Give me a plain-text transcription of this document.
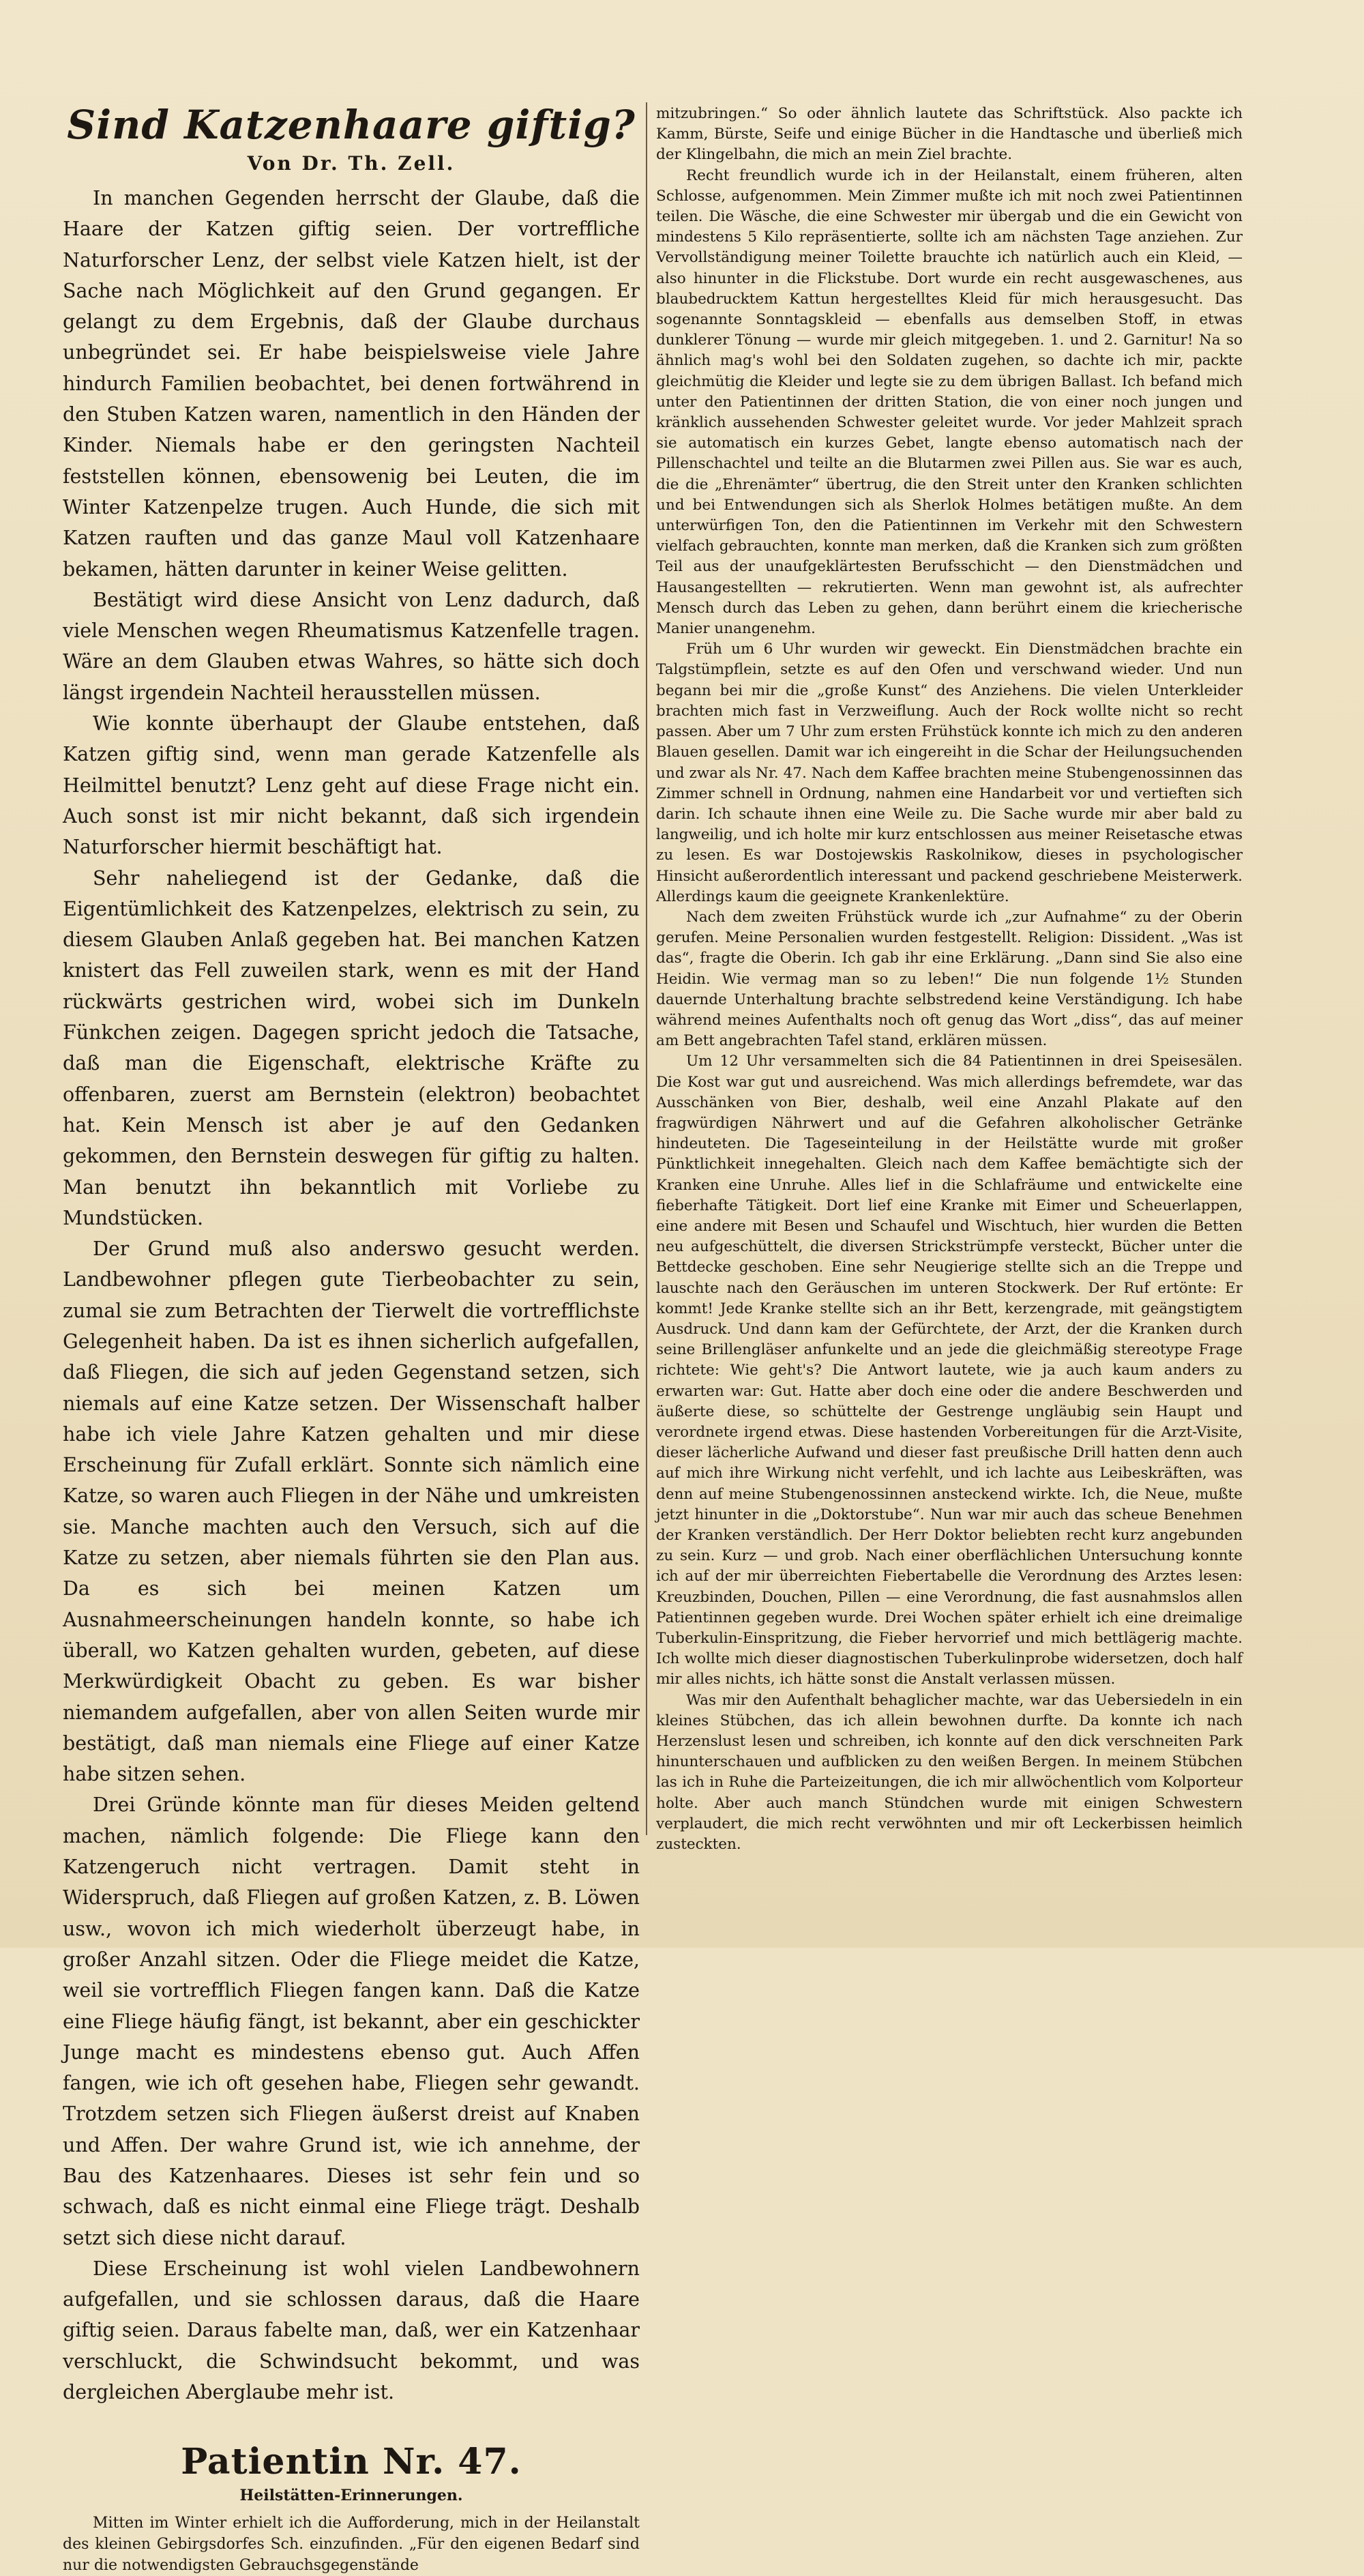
Sind Katzenhaare giftig?
Von Dr. Th. Zell.

In manchen Gegenden herrscht der Glaube, daß die Haare der Katzen giftig seien. Der vortreffliche Naturforscher Lenz, der selbst viele Katzen hielt, ist der Sache nach Möglichkeit auf den Grund gegangen. Er gelangt zu dem Ergebnis, daß der Glaube durchaus unbegründet sei. Er habe beispielsweise viele Jahre hindurch Familien beobachtet, bei denen fortwährend in den Stuben Katzen waren, namentlich in den Händen der Kinder. Niemals habe er den geringsten Nachteil feststellen können, ebensowenig bei Leuten, die im Winter Katzenpelze trugen. Auch Hunde, die sich mit Katzen rauften und das ganze Maul voll Katzenhaare bekamen, hätten darunter in keiner Weise gelitten.

Bestätigt wird diese Ansicht von Lenz dadurch, daß viele Menschen wegen Rheumatismus Katzenfelle tragen. Wäre an dem Glauben etwas Wahres, so hätte sich doch längst irgendein Nachteil herausstellen müssen.

Wie konnte überhaupt der Glaube entstehen, daß Katzen giftig sind, wenn man gerade Katzenfelle als Heilmittel benutzt? Lenz geht auf diese Frage nicht ein. Auch sonst ist mir nicht bekannt, daß sich irgendein Naturforscher hiermit beschäftigt hat.

Sehr naheliegend ist der Gedanke, daß die Eigentümlichkeit des Katzenpelzes, elektrisch zu sein, zu diesem Glauben Anlaß gegeben hat. Bei manchen Katzen knistert das Fell zuweilen stark, wenn es mit der Hand rückwärts gestrichen wird, wobei sich im Dunkeln Fünkchen zeigen. Dagegen spricht jedoch die Tatsache, daß man die Eigenschaft, elektrische Kräfte zu offenbaren, zuerst am Bernstein (elektron) beobachtet hat. Kein Mensch ist aber je auf den Gedanken gekommen, den Bernstein deswegen für giftig zu halten. Man benutzt ihn bekanntlich mit Vorliebe zu Mundstücken.

Der Grund muß also anderswo gesucht werden. Landbewohner pflegen gute Tierbeobachter zu sein, zumal sie zum Betrachten der Tierwelt die vortrefflichste Gelegenheit haben. Da ist es ihnen sicherlich aufgefallen, daß Fliegen, die sich auf jeden Gegenstand setzen, sich niemals auf eine Katze setzen. Der Wissenschaft halber habe ich viele Jahre Katzen gehalten und mir diese Erscheinung für Zufall erklärt. Sonnte sich nämlich eine Katze, so waren auch Fliegen in der Nähe und umkreisten sie. Manche machten auch den Versuch, sich auf die Katze zu setzen, aber niemals führten sie den Plan aus. Da es sich bei meinen Katzen um Ausnahmeerscheinungen handeln konnte, so habe ich überall, wo Katzen gehalten wurden, gebeten, auf diese Merkwürdigkeit Obacht zu geben. Es war bisher niemandem aufgefallen, aber von allen Seiten wurde mir bestätigt, daß man niemals eine Fliege auf einer Katze habe sitzen sehen.

Drei Gründe könnte man für dieses Meiden geltend machen, nämlich folgende: Die Fliege kann den Katzengeruch nicht vertragen. Damit steht in Widerspruch, daß Fliegen auf großen Katzen, z. B. Löwen usw., wovon ich mich wiederholt überzeugt habe, in großer Anzahl sitzen. Oder die Fliege meidet die Katze, weil sie vortrefflich Fliegen fangen kann. Daß die Katze eine Fliege häufig fängt, ist bekannt, aber ein geschickter Junge macht es mindestens ebenso gut. Auch Affen fangen, wie ich oft gesehen habe, Fliegen sehr gewandt. Trotzdem setzen sich Fliegen äußerst dreist auf Knaben und Affen. Der wahre Grund ist, wie ich annehme, der Bau des Katzenhaares. Dieses ist sehr fein und so schwach, daß es nicht einmal eine Fliege trägt. Deshalb setzt sich diese nicht darauf.

Diese Erscheinung ist wohl vielen Landbewohnern aufgefallen, und sie schlossen daraus, daß die Haare giftig seien. Daraus fabelte man, daß, wer ein Katzenhaar verschluckt, die Schwindsucht bekommt, und was dergleichen Aberglaube mehr ist.

Patientin Nr. 47.
Heilstätten-Erinnerungen.

Mitten im Winter erhielt ich die Aufforderung, mich in der Heilanstalt des kleinen Gebirgsdorfes Sch. einzufinden. „Für den eigenen Bedarf sind nur die notwendigsten Gebrauchsgegenstände

mitzubringen.“ So oder ähnlich lautete das Schriftstück. Also packte ich Kamm, Bürste, Seife und einige Bücher in die Handtasche und überließ mich der Klingelbahn, die mich an mein Ziel brachte.

Recht freundlich wurde ich in der Heilanstalt, einem früheren, alten Schlosse, aufgenommen. Mein Zimmer mußte ich mit noch zwei Patientinnen teilen. Die Wäsche, die eine Schwester mir übergab und die ein Gewicht von mindestens 5 Kilo repräsentierte, sollte ich am nächsten Tage anziehen. Zur Vervollständigung meiner Toilette brauchte ich natürlich auch ein Kleid, — also hinunter in die Flickstube. Dort wurde ein recht ausgewaschenes, aus blaubedrucktem Kattun hergestelltes Kleid für mich herausgesucht. Das sogenannte Sonntagskleid — ebenfalls aus demselben Stoff, in etwas dunklerer Tönung — wurde mir gleich mitgegeben. 1. und 2. Garnitur! Na so ähnlich mag's wohl bei den Soldaten zugehen, so dachte ich mir, packte gleichmütig die Kleider und legte sie zu dem übrigen Ballast. Ich befand mich unter den Patientinnen der dritten Station, die von einer noch jungen und kränklich aussehenden Schwester geleitet wurde. Vor jeder Mahlzeit sprach sie automatisch ein kurzes Gebet, langte ebenso automatisch nach der Pillenschachtel und teilte an die Blutarmen zwei Pillen aus. Sie war es auch, die die „Ehrenämter“ übertrug, die den Streit unter den Kranken schlichten und bei Entwendungen sich als Sherlok Holmes betätigen mußte. An dem unterwürfigen Ton, den die Patientinnen im Verkehr mit den Schwestern vielfach gebrauchten, konnte man merken, daß die Kranken sich zum größten Teil aus der unaufgeklärtesten Berufsschicht — den Dienstmädchen und Hausangestellten — rekrutierten. Wenn man gewohnt ist, als aufrechter Mensch durch das Leben zu gehen, dann berührt einem die kriecherische Manier unangenehm.

Früh um 6 Uhr wurden wir geweckt. Ein Dienstmädchen brachte ein Talgstümpflein, setzte es auf den Ofen und verschwand wieder. Und nun begann bei mir die „große Kunst“ des Anziehens. Die vielen Unterkleider brachten mich fast in Verzweiflung. Auch der Rock wollte nicht so recht passen. Aber um 7 Uhr zum ersten Frühstück konnte ich mich zu den anderen Blauen gesellen. Damit war ich eingereiht in die Schar der Heilungsuchenden und zwar als Nr. 47. Nach dem Kaffee brachten meine Stubengenossinnen das Zimmer schnell in Ordnung, nahmen eine Handarbeit vor und vertieften sich darin. Ich schaute ihnen eine Weile zu. Die Sache wurde mir aber bald zu langweilig, und ich holte mir kurz entschlossen aus meiner Reisetasche etwas zu lesen. Es war Dostojewskis Raskolnikow, dieses in psychologischer Hinsicht außerordentlich interessant und packend geschriebene Meisterwerk. Allerdings kaum die geeignete Krankenlektüre.

Nach dem zweiten Frühstück wurde ich „zur Aufnahme“ zu der Oberin gerufen. Meine Personalien wurden festgestellt. Religion: Dissident. „Was ist das“, fragte die Oberin. Ich gab ihr eine Erklärung. „Dann sind Sie also eine Heidin. Wie vermag man so zu leben!“ Die nun folgende 1½ Stunden dauernde Unterhaltung brachte selbstredend keine Verständigung. Ich habe während meines Aufenthalts noch oft genug das Wort „diss“, das auf meiner am Bett angebrachten Tafel stand, erklären müssen.

Um 12 Uhr versammelten sich die 84 Patientinnen in drei Speisesälen. Die Kost war gut und ausreichend. Was mich allerdings befremdete, war das Ausschänken von Bier, deshalb, weil eine Anzahl Plakate auf den fragwürdigen Nährwert und auf die Gefahren alkoholischer Getränke hindeuteten. Die Tageseinteilung in der Heilstätte wurde mit großer Pünktlichkeit innegehalten. Gleich nach dem Kaffee bemächtigte sich der Kranken eine Unruhe. Alles lief in die Schlafräume und entwickelte eine fieberhafte Tätigkeit. Dort lief eine Kranke mit Eimer und Scheuerlappen, eine andere mit Besen und Schaufel und Wischtuch, hier wurden die Betten neu aufgeschüttelt, die diversen Strickstrümpfe versteckt, Bücher unter die Bettdecke geschoben. Eine sehr Neugierige stellte sich an die Treppe und lauschte nach den Geräuschen im unteren Stockwerk. Der Ruf ertönte: Er kommt! Jede Kranke stellte sich an ihr Bett, kerzengrade, mit geängstigtem Ausdruck. Und dann kam der Gefürchtete, der Arzt, der die Kranken durch seine Brillengläser anfunkelte und an jede die gleichmäßig stereotype Frage richtete: Wie geht's? Die Antwort lautete, wie ja auch kaum anders zu erwarten war: Gut. Hatte aber doch eine oder die andere Beschwerden und äußerte diese, so schüttelte der Gestrenge ungläubig sein Haupt und verordnete irgend etwas. Diese hastenden Vorbereitungen für die Arzt-Visite, dieser lächerliche Aufwand und dieser fast preußische Drill hatten denn auch auf mich ihre Wirkung nicht verfehlt, und ich lachte aus Leibeskräften, was denn auf meine Stubengenossinnen ansteckend wirkte. Ich, die Neue, mußte jetzt hinunter in die „Doktorstube“. Nun war mir auch das scheue Benehmen der Kranken verständlich. Der Herr Doktor beliebten recht kurz angebunden zu sein. Kurz — und grob. Nach einer oberflächlichen Untersuchung konnte ich auf der mir überreichten Fiebertabelle die Verordnung des Arztes lesen: Kreuzbinden, Douchen, Pillen — eine Verordnung, die fast ausnahmslos allen Patientinnen gegeben wurde. Drei Wochen später erhielt ich eine dreimalige Tuberkulin-Einspritzung, die Fieber hervorrief und mich bettlägerig machte. Ich wollte mich dieser diagnostischen Tuberkulinprobe widersetzen, doch half mir alles nichts, ich hätte sonst die Anstalt verlassen müssen.

Was mir den Aufenthalt behaglicher machte, war das Uebersiedeln in ein kleines Stübchen, das ich allein bewohnen durfte. Da konnte ich nach Herzenslust lesen und schreiben, ich konnte auf den dick verschneiten Park hinunterschauen und aufblicken zu den weißen Bergen. In meinem Stübchen las ich in Ruhe die Parteizeitungen, die ich mir allwöchentlich vom Kolporteur holte. Aber auch manch Stündchen wurde mit einigen Schwestern verplaudert, die mich recht verwöhnten und mir oft Leckerbissen heimlich zusteckten.
